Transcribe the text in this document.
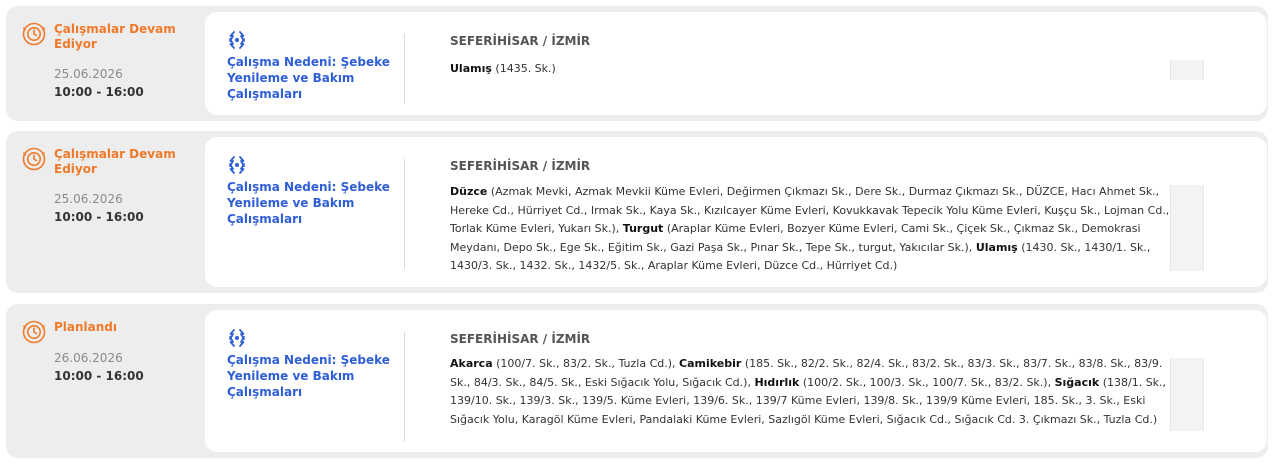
Çalışmalar Devam Ediyor
25.06.2026
10:00 - 16:00
Çalışma Nedeni: Şebeke Yenileme ve Bakım Çalışmaları
SEFERİHİSAR / İZMİR
Ulamış (1435. Sk.)
Çalışmalar Devam Ediyor
25.06.2026
10:00 - 16:00
Çalışma Nedeni: Şebeke Yenileme ve Bakım Çalışmaları
SEFERİHİSAR / İZMİR
Düzce (Azmak Mevki, Azmak Mevkii Küme Evleri, Değirmen Çıkmazı Sk., Dere Sk., Durmaz Çıkmazı Sk., DÜZCE, Hacı Ahmet Sk., Hereke Cd., Hürriyet Cd., Irmak Sk., Kaya Sk., Kızılcayer Küme Evleri, Kovukkavak Tepecik Yolu Küme Evleri, Kuşçu Sk., Lojman Cd., Torlak Küme Evleri, Yukarı Sk.), Turgut (Araplar Küme Evleri, Bozyer Küme Evleri, Cami Sk., Çiçek Sk., Çıkmaz Sk., Demokrasi Meydanı, Depo Sk., Ege Sk., Eğitim Sk., Gazi Paşa Sk., Pınar Sk., Tepe Sk., turgut, Yakıcılar Sk.), Ulamış (1430. Sk., 1430/1. Sk., 1430/3. Sk., 1432. Sk., 1432/5. Sk., Araplar Küme Evleri, Düzce Cd., Hürriyet Cd.)
Planlandı
26.06.2026
10:00 - 16:00
Çalışma Nedeni: Şebeke Yenileme ve Bakım Çalışmaları
SEFERİHİSAR / İZMİR
Akarca (100/7. Sk., 83/2. Sk., Tuzla Cd.), Camikebir (185. Sk., 82/2. Sk., 82/4. Sk., 83/2. Sk., 83/3. Sk., 83/7. Sk., 83/8. Sk., 83/9. Sk., 84/3. Sk., 84/5. Sk., Eski Sığacık Yolu, Sığacık Cd.), Hıdırlık (100/2. Sk., 100/3. Sk., 100/7. Sk., 83/2. Sk.), Sığacık (138/1. Sk., 139/10. Sk., 139/3. Sk., 139/5. Küme Evleri, 139/6. Sk., 139/7 Küme Evleri, 139/8. Sk., 139/9 Küme Evleri, 185. Sk., 3. Sk., Eski Sığacık Yolu, Karagöl Küme Evleri, Pandalaki Küme Evleri, Sazlıgöl Küme Evleri, Sığacık Cd., Sığacık Cd. 3. Çıkmazı Sk., Tuzla Cd.)
